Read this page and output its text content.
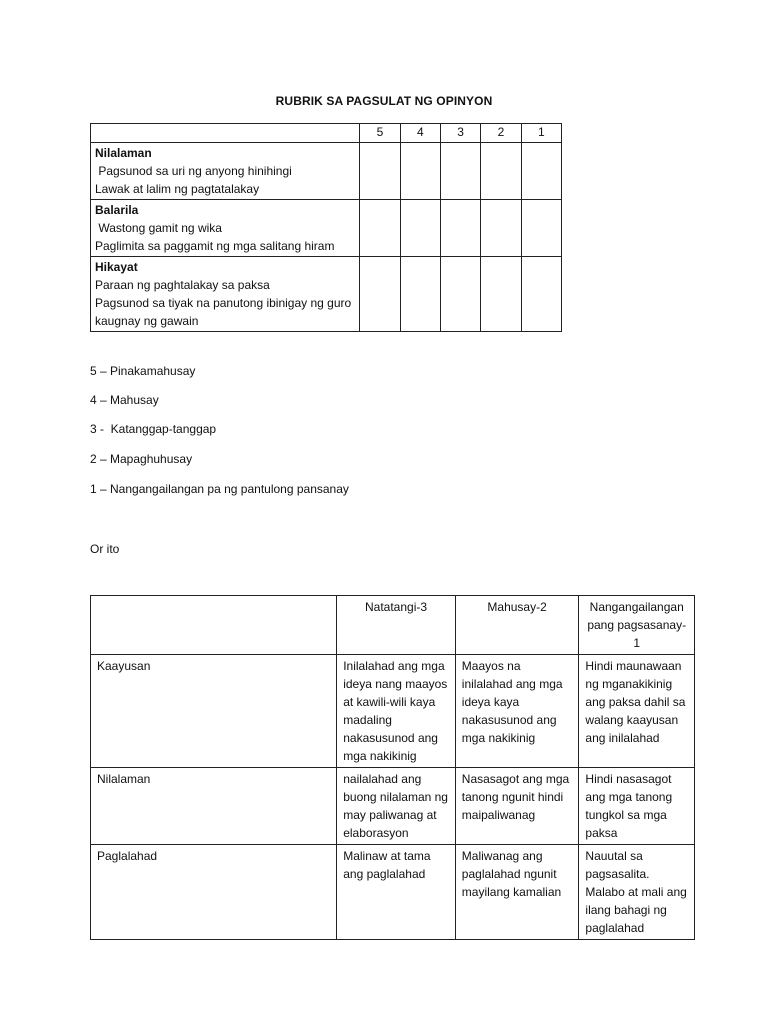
RUBRIK SA PAGSULAT NG OPINYON
	5	4	3	2	1

Nilalaman
Pagsunod sa uri ng anyong hinihingi
Lawak at lalim ng pagtatalakay					

Balarila
Wastong gamit ng wika
Paglimita sa paggamit ng mga salitang hiram					

Hikayat
Paraan ng paghtalakay sa paksa
Pagsunod sa tiyak na panutong ibinigay ng guro kaugnay ng gawain					

5 – Pinakamahusay
4 – Mahusay
3 -  Katanggap-tanggap
2 – Mapaghuhusay
1 – Nangangailangan pa ng pantulong pansanay
Or ito
	Natatangi-3	Mahusay-2	Nangangailangan pang pagsasanay-1
Kaayusan	Inilalahad ang mga ideya nang maayos at kawili-wili kaya madaling nakasusunod ang mga nakikinig	Maayos na inilalahad ang mga ideya kaya nakasusunod ang mga nakikinig	Hindi maunawaan ng mganakikinig ang paksa dahil sa walang kaayusan ang inilalahad
Nilalaman	nailalahad ang buong nilalaman ng may paliwanag at elaborasyon	Nasasagot ang mga tanong ngunit hindi maipaliwanag	Hindi nasasagot ang mga tanong tungkol sa mga paksa
Paglalahad	Malinaw at tama ang paglalahad	Maliwanag ang paglalahad ngunit mayilang kamalian	Nauutal sa pagsasalita. Malabo at mali ang ilang bahagi ng paglalahad
